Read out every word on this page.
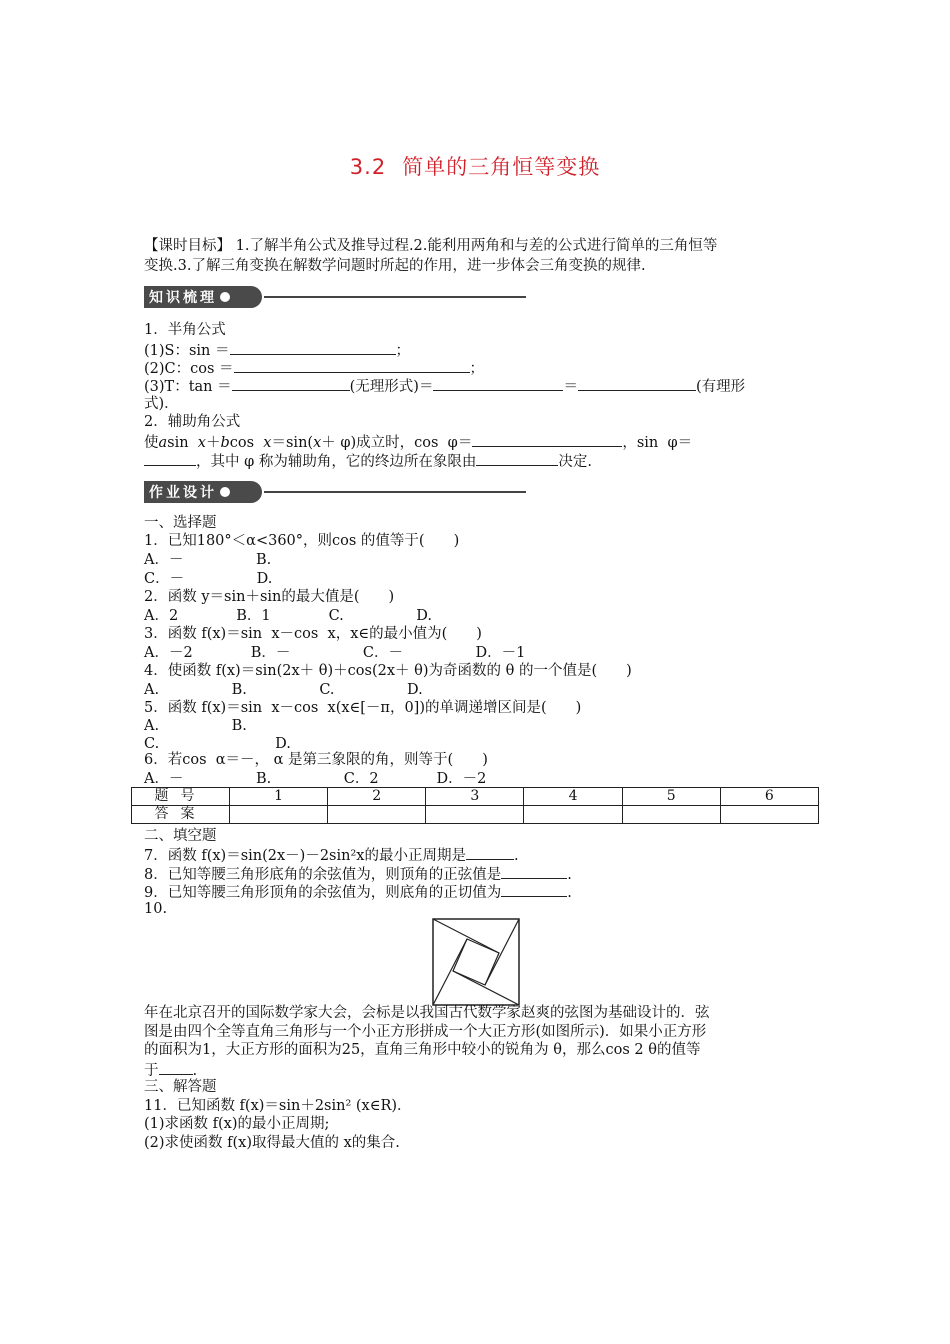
3.2 简单的三角恒等变换
【课时目标】 1.了解半角公式及推导过程.2.能利用两角和与差的公式进行简单的三角恒等
变换.3.了解三角变换在解数学问题时所起的作用，进一步体会三角变换的规律.
知识梳理
1．半角公式
(1)S：sin ＝	；
(2)C：cos ＝	；
(3)T：tan ＝	(无理形式)＝	＝	(有理形
式)．
2．辅助角公式
使asin  x＋bcos  x＝sin(x＋ φ)成立时，cos  φ＝	，sin  φ＝
，其中 φ 称为辅助角，它的终边所在象限由	决定.
作业设计
一、选择题
1．已知180°＜α<360°，则cos 的值等于(　　)
A．－　　　　　B.
C．－　　　　　D.
2．函数 y＝sin＋sin的最大值是(　　)
A．2　　　　B．1　　　　C.　　　　　D.
3．函数 f(x)＝sin  x－cos  x，x∈的最小值为(　　)
A．－2　　　　B．－　　　　　C．－　　　　　D．－1
4．使函数 f(x)＝sin(2x＋ θ)＋cos(2x＋ θ)为奇函数的 θ 的一个值是(　　)
A.　　　　　B.　　　　　C.　　　　　D.
5．函数 f(x)＝sin  x－cos  x(x∈[－π，0])的单调递增区间是(　　)
A.　　　　　B.
C.　　　　　　　　D.
6．若cos  α＝－， α 是第三象限的角，则等于(　　)
A．－　　　　　B.　　　　　C．2　　　　D．－2
题号	1	2	3	4	5	6
答案						
二、填空题
7．函数 f(x)＝sin(2x－)－2sin²x的最小正周期是	.
8．已知等腰三角形底角的余弦值为，则顶角的正弦值是	.
9．已知等腰三角形顶角的余弦值为，则底角的正切值为	.
10.
年在北京召开的国际数学家大会，会标是以我国古代数学家赵爽的弦图为基础设计的．弦
图是由四个全等直角三角形与一个小正方形拼成一个大正方形(如图所示)．如果小正方形
的面积为1，大正方形的面积为25，直角三角形中较小的锐角为 θ，那么cos 2 θ的值等
于 .
三、解答题
11．已知函数 f(x)＝sin＋2sin² (x∈R)．
(1)求函数 f(x)的最小正周期;
(2)求使函数 f(x)取得最大值的 x的集合.
